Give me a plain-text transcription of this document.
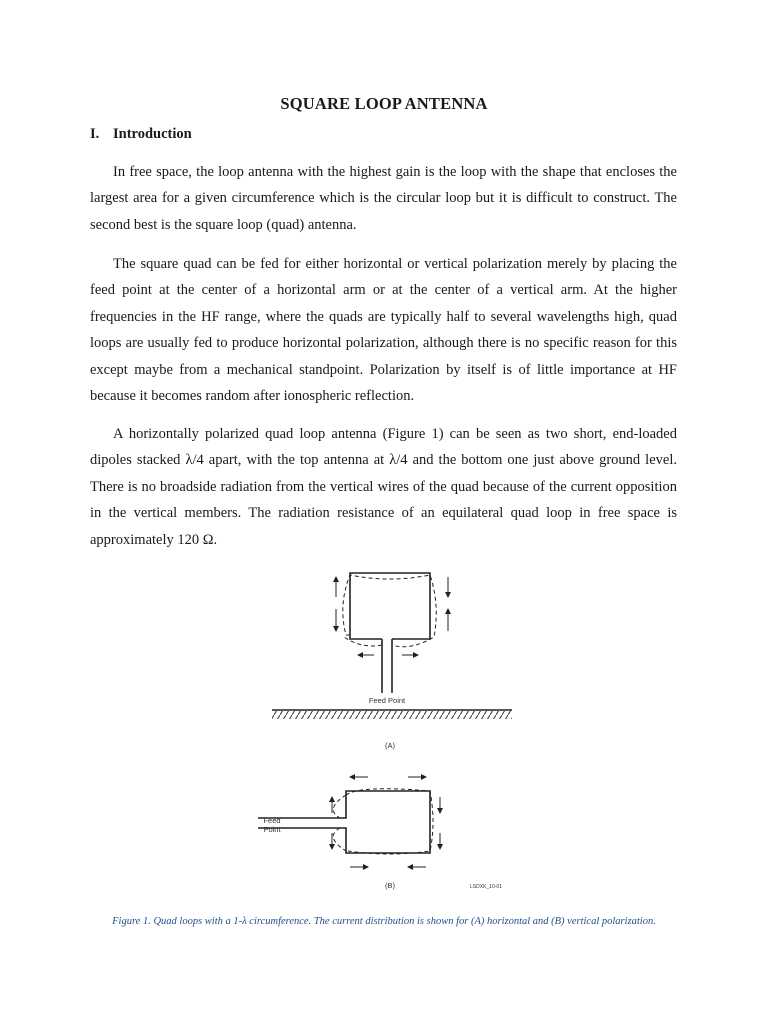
SQUARE LOOP ANTENNA
I. Introduction

In free space, the loop antenna with the highest gain is the loop with the shape that encloses the largest area for a given circumference which is the circular loop but it is difficult to construct. The second best is the square loop (quad) antenna.

The square quad can be fed for either horizontal or vertical polarization merely by placing the feed point at the center of a horizontal arm or at the center of a vertical arm. At the higher frequencies in the HF range, where the quads are typically half to several wavelengths high, quad loops are usually fed to produce horizontal polarization, although there is no specific reason for this except maybe from a mechanical standpoint. Polarization by itself is of little importance at HF because it becomes random after ionospheric reflection.

A horizontally polarized quad loop antenna (Figure 1) can be seen as two short, end-loaded dipoles stacked λ/4 apart, with the top antenna at λ/4 and the bottom one just above ground level. There is no broadside radiation from the vertical wires of the quad because of the current opposition in the vertical members. The radiation resistance of an equilateral quad loop in free space is approximately 120 Ω.

Feed Point
(A)
Feed
Point
(B)	LSDXK_10-01
Figure 1. Quad loops with a 1-λ circumference. The current distribution is shown for (A) horizontal and (B) vertical polarization.
